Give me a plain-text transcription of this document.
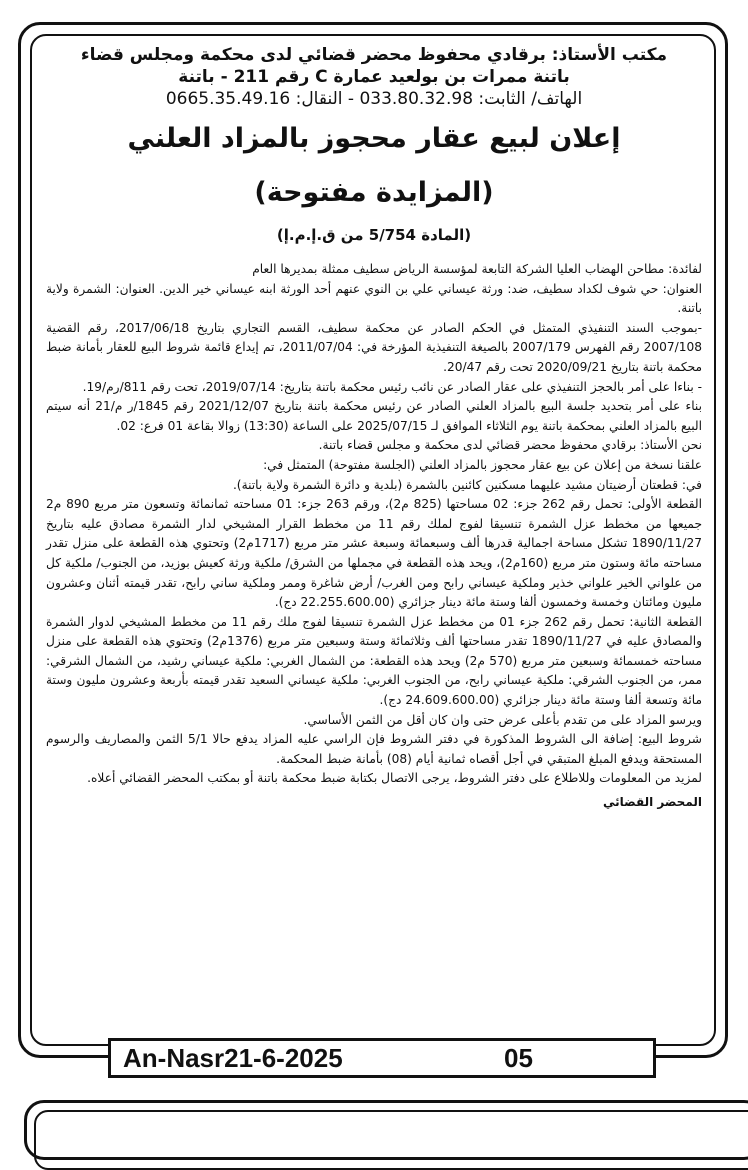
مكتب الأستاذ: برقادي محفوظ محضر قضائي لدى محكمة ومجلس قضاء
باتنة ممرات بن بولعيد عمارة C رقم 211 - باتنة
الهاتف/ الثابت: 033.80.32.98 - النقال: 0665.35.49.16
إعلان لبيع عقار محجوز بالمزاد العلني
(المزايدة مفتوحة)
(المادة 5/754 من ق.إ.م.إ)

لفائدة: مطاحن الهضاب العليا الشركة التابعة لمؤسسة الرياض سطيف ممثلة بمديرها العام

العنوان: حي شوف لكداد سطيف، ضد: ورثة عيساني علي بن النوي عنهم أحد الورثة ابنه عيساني خير الدين. العنوان: الشمرة ولاية باتنة.

-بموجب السند التنفيذي المتمثل في الحكم الصادر عن محكمة سطيف، القسم التجاري بتاريخ 2017/06/18، رقم القضية 2007/108 رقم الفهرس 2007/179 بالصيغة التنفيذية المؤرخة في: 2011/07/04، تم إيداع قائمة شروط البيع للعقار بأمانة ضبط محكمة باتنة بتاريخ 2020/09/21 تحت رقم 20/47.

- بناءا على أمر بالحجز التنفيذي على عقار الصادر عن نائب رئيس محكمة باتنة بتاريخ: 2019/07/14، تحت رقم 811/رم/19.

بناء على أمر بتحديد جلسة البيع بالمزاد العلني الصادر عن رئيس محكمة باتنة بتاريخ 2021/12/07 رقم 1845/ر م/21 أنه سيتم البيع بالمزاد العلني بمحكمة باتنة يوم الثلاثاء الموافق لـ 2025/07/15 على الساعة (13:30) زوالا بقاعة 01 فرع: 02.

نحن الأستاذ: برقادي محفوظ محضر قضائي لدى محكمة و مجلس قضاء باتنة.

علقنا نسخة من إعلان عن بيع عقار محجوز بالمزاد العلني (الجلسة مفتوحة) المتمثل في:

في: قطعتان أرضيتان مشيد عليهما مسكنين كائنين بالشمرة (بلدية و دائرة الشمرة ولاية باتنة).

القطعة الأولى: تحمل رقم 262 جزء: 02 مساحتها (825 م2)، ورقم 263 جزء: 01 مساحته ثمانمائة وتسعون متر مربع 890 م2 جميعها من مخطط عزل الشمرة تنسيقا لفوج لملك رقم 11 من مخطط القرار المشيخي لدار الشمرة مصادق عليه بتاريخ 1890/11/27 تشكل مساحة اجمالية قدرها ألف وسبعمائة وسبعة عشر متر مربع (1717م2) وتحتوي هذه القطعة على منزل تقدر مساحته مائة وستون متر مربع (160م2)، ويحد هذه القطعة في مجملها من الشرق/ ملكية ورثة كعيش بوزيد، من الجنوب/ ملكية كل من علواني الخير علواني خذير وملكية عيساني رابح ومن الغرب/ أرض شاغرة وممر وملكية ساني رابح، تقدر قيمته أثنان وعشرون مليون ومائتان وخمسة وخمسون ألفا وستة مائة دينار جزائري (22.255.600.00 دج).

القطعة الثانية: تحمل رقم 262 جزء 01 من مخطط عزل الشمرة تنسيقا لفوج ملك رقم 11 من مخطط المشيخي لدوار الشمرة والمصادق عليه في 1890/11/27 تقدر مساحتها ألف وثلاثمائة وستة وسبعين متر مربع (1376م2) وتحتوي هذه القطعة على منزل مساحته خمسمائة وسبعين متر مربع (570 م2) ويحد هذه القطعة: من الشمال الغربي: ملكية عيساني رشيد، من الشمال الشرقي: ممر، من الجنوب الشرقي: ملكية عيساني رابح، من الجنوب الغربي: ملكية عيساني السعيد تقدر قيمته بأربعة وعشرون مليون وستة مائة وتسعة ألفا وستة مائة دينار جزائري (24.609.600.00 دج).

ويرسو المزاد على من تقدم بأعلى عرض حتى وان كان أقل من الثمن الأساسي.

شروط البيع: إضافة الى الشروط المذكورة في دفتر الشروط فإن الراسي عليه المزاد يدفع حالا 5/1 الثمن والمصاريف والرسوم المستحقة ويدفع المبلغ المتبقي في أجل أقصاه ثمانية أيام (08) بأمانة ضبط المحكمة.

لمزيد من المعلومات وللاطلاع على دفتر الشروط، يرجى الاتصال بكتابة ضبط محكمة باتنة أو بمكتب المحضر القضائي أعلاه.

المحضر القضائي
An-Nasr21-6-2025	05
